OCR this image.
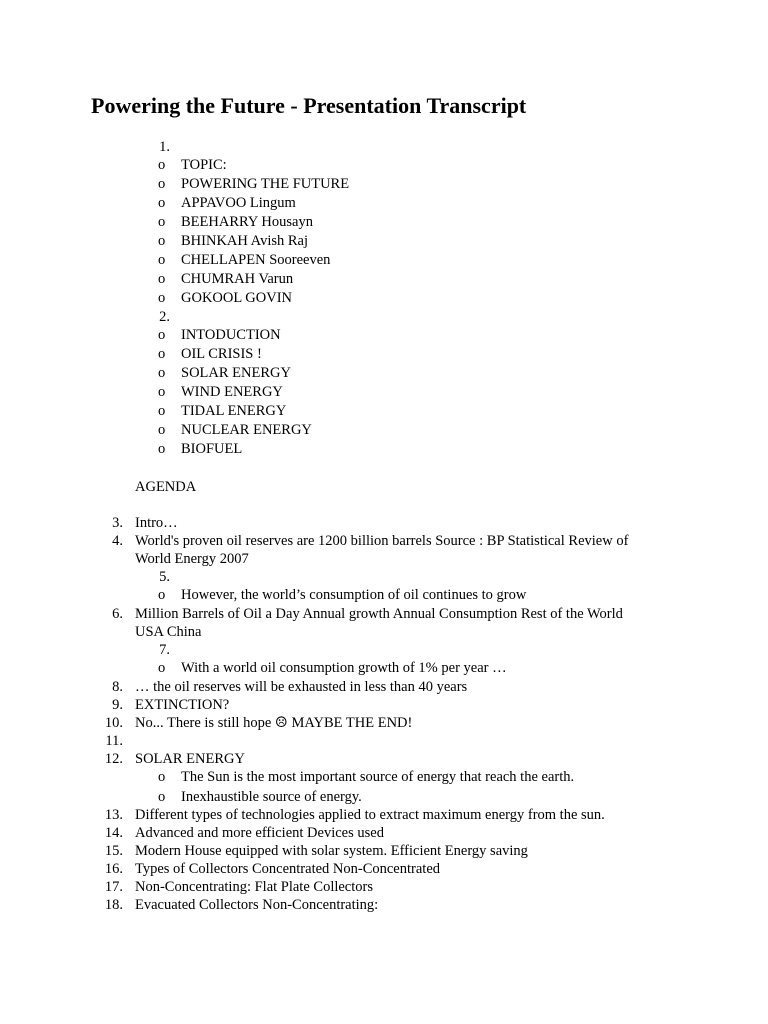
Powering the Future - Presentation Transcript
1.
o TOPIC:
o POWERING THE FUTURE
o APPAVOO Lingum
o BEEHARRY Housayn
o BHINKAH Avish Raj
o CHELLAPEN Sooreeven
o CHUMRAH Varun
o GOKOOL GOVIN
2.
o INTODUCTION
o OIL CRISIS !
o SOLAR ENERGY
o WIND ENERGY
o TIDAL ENERGY
o NUCLEAR ENERGY
o BIOFUEL
AGENDA
3. Intro…
4. World's proven oil reserves are 1200 billion barrels Source : BP Statistical Review of
World Energy 2007
5.
o However, the world’s consumption of oil continues to grow
6. Million Barrels of Oil a Day Annual growth Annual Consumption Rest of the World
USA China
7.
o With a world oil consumption growth of 1% per year …
8. … the oil reserves will be exhausted in less than 40 years
9. EXTINCTION?
10. No... There is still hope ☹ MAYBE THE END!
11.
12. SOLAR ENERGY
o The Sun is the most important source of energy that reach the earth.
o Inexhaustible source of energy.
13. Different types of technologies applied to extract maximum energy from the sun.
14. Advanced and more efficient Devices used
15. Modern House equipped with solar system. Efficient Energy saving
16. Types of Collectors Concentrated Non-Concentrated
17. Non-Concentrating: Flat Plate Collectors
18. Evacuated Collectors Non-Concentrating:
